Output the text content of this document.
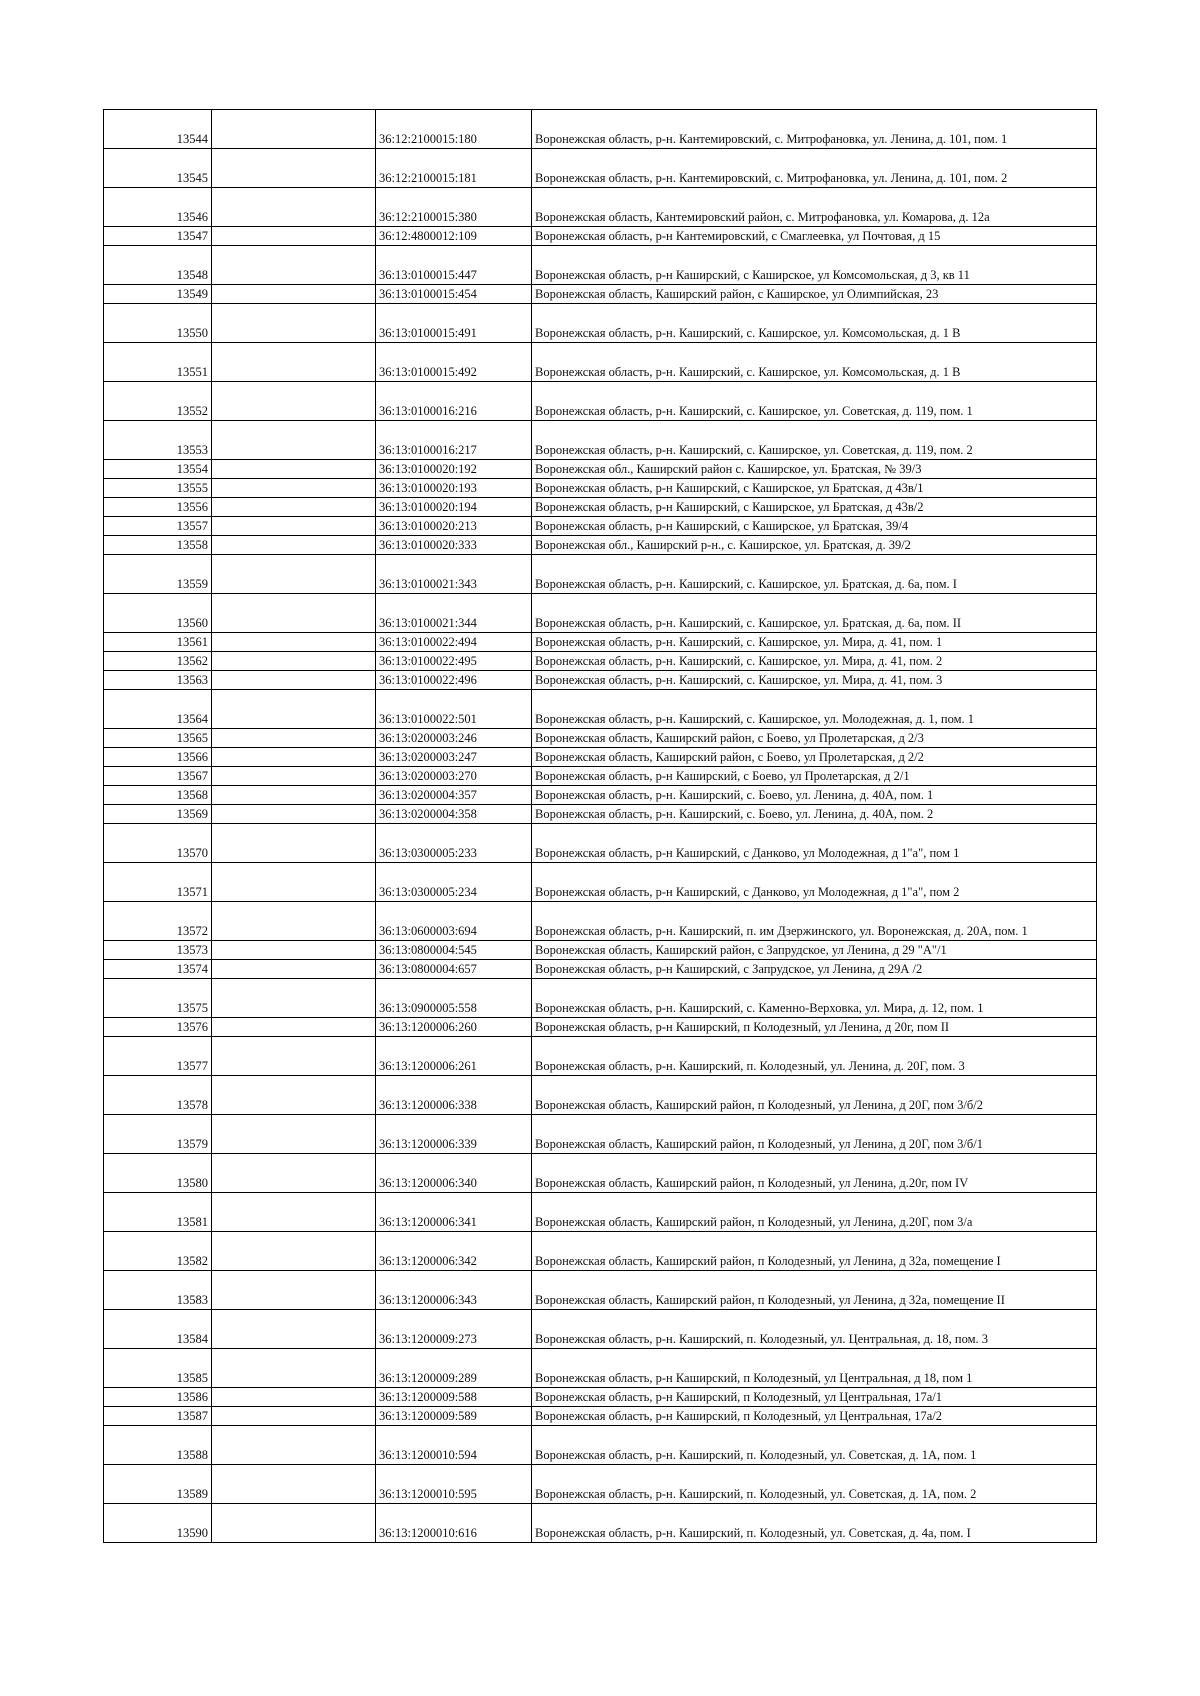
13544		36:12:2100015:180	Воронежская область, р-н. Кантемировский, с. Митрофановка, ул. Ленина, д. 101, пом. 1
13545		36:12:2100015:181	Воронежская область, р-н. Кантемировский, с. Митрофановка, ул. Ленина, д. 101, пом. 2
13546		36:12:2100015:380	Воронежская область, Кантемировский район, с. Митрофановка, ул. Комарова, д. 12а
13547		36:12:4800012:109	Воронежская область, р-н Кантемировский, с Смаглеевка, ул Почтовая, д 15
13548		36:13:0100015:447	Воронежская область, р-н Каширский, с Каширское, ул Комсомольская, д 3, кв 11
13549		36:13:0100015:454	Воронежская область, Каширский район, с Каширское, ул Олимпийская, 23
13550		36:13:0100015:491	Воронежская область, р-н. Каширский, с. Каширское, ул. Комсомольская, д. 1 В
13551		36:13:0100015:492	Воронежская область, р-н. Каширский, с. Каширское, ул. Комсомольская, д. 1 В
13552		36:13:0100016:216	Воронежская область, р-н. Каширский, с. Каширское, ул. Советская, д. 119, пом. 1
13553		36:13:0100016:217	Воронежская область, р-н. Каширский, с. Каширское, ул. Советская, д. 119, пом. 2
13554		36:13:0100020:192	Воронежская обл., Каширский район с. Каширское, ул. Братская, № 39/3
13555		36:13:0100020:193	Воронежская область, р-н Каширский, с Каширское, ул Братская, д 43в/1
13556		36:13:0100020:194	Воронежская область, р-н Каширский, с Каширское, ул Братская, д 43в/2
13557		36:13:0100020:213	Воронежская область, р-н Каширский, с Каширское, ул Братская, 39/4
13558		36:13:0100020:333	Воронежская обл., Каширский р-н., с. Каширское, ул. Братская, д. 39/2
13559		36:13:0100021:343	Воронежская область, р-н. Каширский, с. Каширское, ул. Братская, д. 6а, пом. I
13560		36:13:0100021:344	Воронежская область, р-н. Каширский, с. Каширское, ул. Братская, д. 6а, пом. II
13561		36:13:0100022:494	Воронежская область, р-н. Каширский, с. Каширское, ул. Мира, д. 41, пом. 1
13562		36:13:0100022:495	Воронежская область, р-н. Каширский, с. Каширское, ул. Мира, д. 41, пом. 2
13563		36:13:0100022:496	Воронежская область, р-н. Каширский, с. Каширское, ул. Мира, д. 41, пом. 3
13564		36:13:0100022:501	Воронежская область, р-н. Каширский, с. Каширское, ул. Молодежная, д. 1, пом. 1
13565		36:13:0200003:246	Воронежская область, Каширский район, с Боево, ул Пролетарская, д 2/3
13566		36:13:0200003:247	Воронежская область, Каширский район, с Боево, ул Пролетарская, д 2/2
13567		36:13:0200003:270	Воронежская область, р-н Каширский, с Боево, ул Пролетарская, д 2/1
13568		36:13:0200004:357	Воронежская область, р-н. Каширский, с. Боево, ул. Ленина, д. 40А, пом. 1
13569		36:13:0200004:358	Воронежская область, р-н. Каширский, с. Боево, ул. Ленина, д. 40А, пом. 2
13570		36:13:0300005:233	Воронежская область, р-н Каширский, с Данково, ул Молодежная, д 1"а", пом 1
13571		36:13:0300005:234	Воронежская область, р-н Каширский, с Данково, ул Молодежная, д 1"а", пом 2
13572		36:13:0600003:694	Воронежская область, р-н. Каширский, п. им Дзержинского, ул. Воронежская, д. 20А, пом. 1
13573		36:13:0800004:545	Воронежская область, Каширский район, с Запрудское, ул Ленина, д 29 "А"/1
13574		36:13:0800004:657	Воронежская область, р-н Каширский, с Запрудское, ул Ленина, д 29А /2
13575		36:13:0900005:558	Воронежская область, р-н. Каширский, с. Каменно-Верховка, ул. Мира, д. 12, пом. 1
13576		36:13:1200006:260	Воронежская область, р-н Каширский, п Колодезный, ул Ленина, д 20г, пом II
13577		36:13:1200006:261	Воронежская область, р-н. Каширский, п. Колодезный, ул. Ленина, д. 20Г, пом. 3
13578		36:13:1200006:338	Воронежская область, Каширский район, п Колодезный, ул Ленина, д 20Г, пом 3/б/2
13579		36:13:1200006:339	Воронежская область, Каширский район, п Колодезный, ул Ленина, д 20Г, пом 3/б/1
13580		36:13:1200006:340	Воронежская область, Каширский район, п Колодезный, ул Ленина, д.20г, пом IV
13581		36:13:1200006:341	Воронежская область, Каширский район, п Колодезный, ул Ленина, д.20Г, пом 3/а
13582		36:13:1200006:342	Воронежская область, Каширский район, п Колодезный, ул Ленина, д 32а, помещение I
13583		36:13:1200006:343	Воронежская область, Каширский район, п Колодезный, ул Ленина, д 32а, помещение II
13584		36:13:1200009:273	Воронежская область, р-н. Каширский, п. Колодезный, ул. Центральная, д. 18, пом. 3
13585		36:13:1200009:289	Воронежская область, р-н Каширский, п Колодезный, ул Центральная, д 18, пом 1
13586		36:13:1200009:588	Воронежская область, р-н Каширский, п Колодезный, ул Центральная, 17а/1
13587		36:13:1200009:589	Воронежская область, р-н Каширский, п Колодезный, ул Центральная, 17а/2
13588		36:13:1200010:594	Воронежская область, р-н. Каширский, п. Колодезный, ул. Советская, д. 1А, пом. 1
13589		36:13:1200010:595	Воронежская область, р-н. Каширский, п. Колодезный, ул. Советская, д. 1А, пом. 2
13590		36:13:1200010:616	Воронежская область, р-н. Каширский, п. Колодезный, ул. Советская, д. 4а, пом. I
